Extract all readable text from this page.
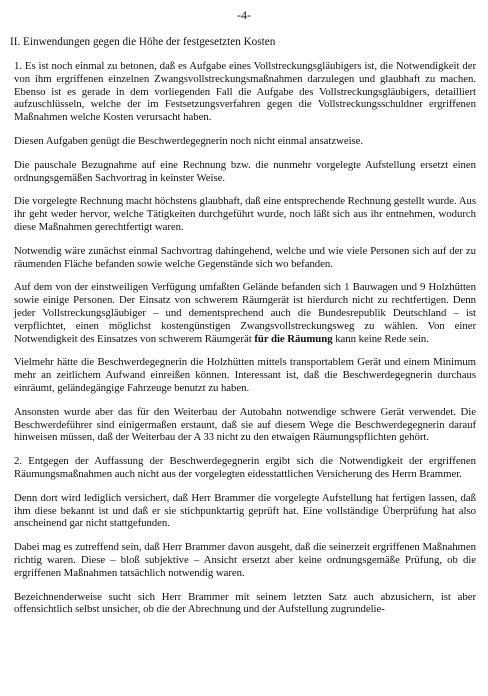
-4-
II. Einwendungen gegen die Höhe der festgesetzten Kosten

1. Es ist noch einmal zu betonen, daß es Aufgabe eines Vollstreckungsgläubigers ist, die Notwendigkeit der von ihm ergriffenen einzelnen Zwangsvollstreckungsmaßnahmen darzulegen und glaubhaft zu machen. Ebenso ist es gerade in dem vorliegenden Fall die Aufgabe des Vollstreckungsgläubigers, detailliert aufzuschlüsseln, welche der im Festsetzungsverfahren gegen die Vollstreckungsschuldner ergriffenen Maßnahmen welche Kosten verursacht haben.

Diesen Aufgaben genügt die Beschwerdegegnerin noch nicht einmal ansatzweise.

Die pauschale Bezugnahme auf eine Rechnung bzw. die nunmehr vorgelegte Aufstellung ersetzt einen ordnungsgemäßen Sachvortrag in keinster Weise.

Die vorgelegte Rechnung macht höchstens glaubhaft, daß eine entsprechende Rechnung gestellt wurde. Aus ihr geht weder hervor, welche Tätigkeiten durchgeführt wurde, noch läßt sich aus ihr entnehmen, wodurch diese Maßnahmen gerechtfertigt waren.

Notwendig wäre zunächst einmal Sachvortrag dahingehend, welche und wie viele Personen sich auf der zu räumenden Fläche befanden sowie welche Gegenstände sich wo befanden.

Auf dem von der einstweiligen Verfügung umfaßten Gelände befanden sich 1 Bauwagen und 9 Holzhütten sowie einige Personen. Der Einsatz von schwerem Räumgerät ist hierdurch nicht zu rechtfertigen. Denn jeder Vollstreckungsgläubiger – und dementsprechend auch die Bundesrepublik Deutschland – ist verpflichtet, einen möglichst kostengünstigen Zwangsvollstreckungsweg zu wählen. Von einer Notwendigkeit des Einsatzes von schwerem Räumgerät für die Räumung kann keine Rede sein.

Vielmehr hätte die Beschwerdegegnerin die Holzhütten mittels transportablem Gerät und einem Minimum mehr an zeitlichem Aufwand einreißen können. Interessant ist, daß die Beschwerdegegnerin durchaus einräumt, geländegängige Fahrzeuge benutzt zu haben.

Ansonsten wurde aber das für den Weiterbau der Autobahn notwendige schwere Gerät verwendet. Die Beschwerdeführer sind einigermaßen erstaunt, daß sie auf diesem Wege die Beschwerdegegnerin darauf hinweisen müssen, daß der Weiterbau der A 33 nicht zu den etwaigen Räumungspflichten gehört.

2. Entgegen der Auffassung der Beschwerdegegnerin ergibt sich die Notwendigkeit der ergriffenen Räumungsmaßnahmen auch nicht aus der vorgelegten eidesstattlichen Versicherung des Herrn Brammer.

Denn dort wird lediglich versichert, daß Herr Brammer die vorgelegte Aufstellung hat fertigen lassen, daß ihm diese bekannt ist und daß er sie stichpunktartig geprüft hat. Eine vollständige Überprüfung hat also anscheinend gar nicht stattgefunden.

Dabei mag es zutreffend sein, daß Herr Brammer davon ausgeht, daß die seinerzeit ergriffenen Maßnahmen richtig waren. Diese – bloß subjektive – Ansicht ersetzt aber keine ordnungsgemäße Prüfung, ob die ergriffenen Maßnahmen tatsächlich notwendig waren.

Bezeichnenderweise sucht sich Herr Brammer mit seinem letzten Satz auch abzusichern, ist aber offensichtlich selbst unsicher, ob die der Abrechnung und der Aufstellung zugrundelie-
